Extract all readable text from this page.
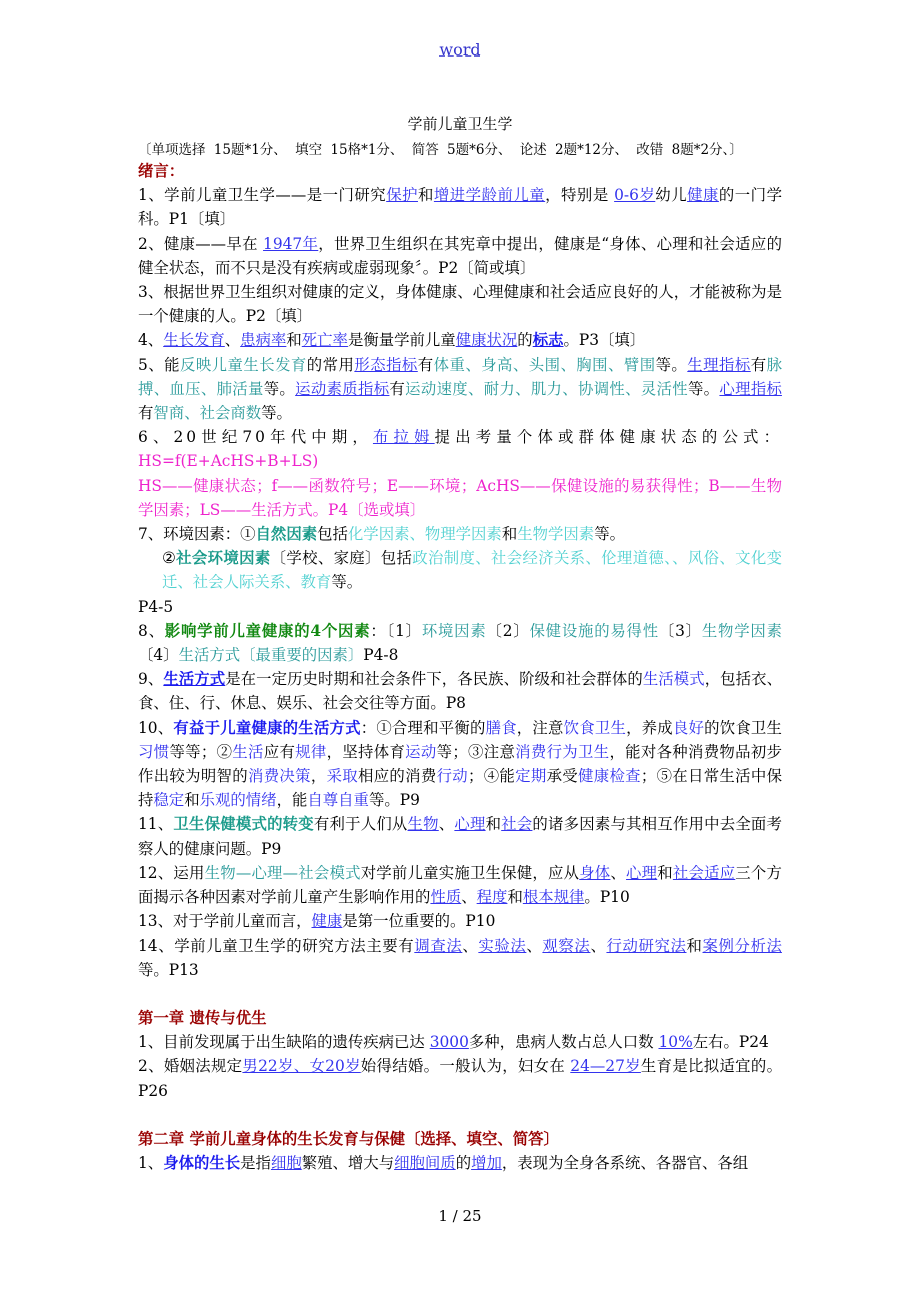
word
学前儿童卫生学
〔单项选择 15题*1分、 填空 15格*1分、 简答 5题*6分、 论述 2题*12分、 改错 8题*2分、〕

绪言：

1、学前儿童卫生学——是一门研究保护和增进学龄前儿童，特别是 0-6岁幼儿健康的一门学科。P1〔填〕

2、健康——早在 1947年，世界卫生组织在其宪章中提出，健康是“身体、心理和社会适应的健全状态，而不只是没有疾病或虚弱现象〞。P2〔简或填〕

3、根据世界卫生组织对健康的定义，身体健康、心理健康和社会适应良好的人，才能被称为是一个健康的人。P2〔填〕

4、生长发育、患病率和死亡率是衡量学前儿童健康状况的标志。P3〔填〕

5、能反映儿童生长发育的常用形态指标有体重、身高、头围、胸围、臂围等。生理指标有脉搏、血压、肺活量等。运动素质指标有运动速度、耐力、肌力、协调性、灵活性等。心理指标有智商、社会商数等。

6、20世纪70年代中期，布拉姆提出考量个体或群体健康状态的公式：

HS=f(E+AcHS+B+LS)

HS——健康状态；f——函数符号；E——环境；AcHS——保健设施的易获得性；B——生物学因素；LS——生活方式。P4〔选或填〕

7、环境因素：①自然因素包括化学因素、物理学因素和生物学因素等。

②社会环境因素〔学校、家庭〕包括政治制度、社会经济关系、伦理道德、、风俗、文化变迁、社会人际关系、教育等。

P4-5

8、影响学前儿童健康的4个因素：〔1〕环境因素〔2〕保健设施的易得性〔3〕生物学因素〔4〕生活方式〔最重要的因素〕P4-8

9、生活方式是在一定历史时期和社会条件下，各民族、阶级和社会群体的生活模式，包括衣、食、住、行、休息、娱乐、社会交往等方面。P8

10、有益于儿童健康的生活方式：①合理和平衡的膳食，注意饮食卫生，养成良好的饮食卫生习惯等等；②生活应有规律，坚持体育运动等；③注意消费行为卫生，能对各种消费物品初步作出较为明智的消费决策，采取相应的消费行动；④能定期承受健康检查；⑤在日常生活中保持稳定和乐观的情绪，能自尊自重等。P9

11、卫生保健模式的转变有利于人们从生物、心理和社会的诸多因素与其相互作用中去全面考察人的健康问题。P9

12、运用生物—心理—社会模式对学前儿童实施卫生保健，应从身体、心理和社会适应三个方面揭示各种因素对学前儿童产生影响作用的性质、程度和根本规律。P10

13、对于学前儿童而言，健康是第一位重要的。P10

14、学前儿童卫生学的研究方法主要有调查法、实验法、观察法、行动研究法和案例分析法等。P13

第一章 遗传与优生

1、目前发现属于出生缺陷的遗传疾病已达 3000多种，患病人数占总人口数 10%左右。P24

2、婚姻法规定男22岁、女20岁始得结婚。一般认为，妇女在 24—27岁生育是比拟适宜的。P26

第二章 学前儿童身体的生长发育与保健〔选择、填空、简答〕

1、身体的生长是指细胞繁殖、增大与细胞间质的增加，表现为全身各系统、各器官、各组

1 / 25
